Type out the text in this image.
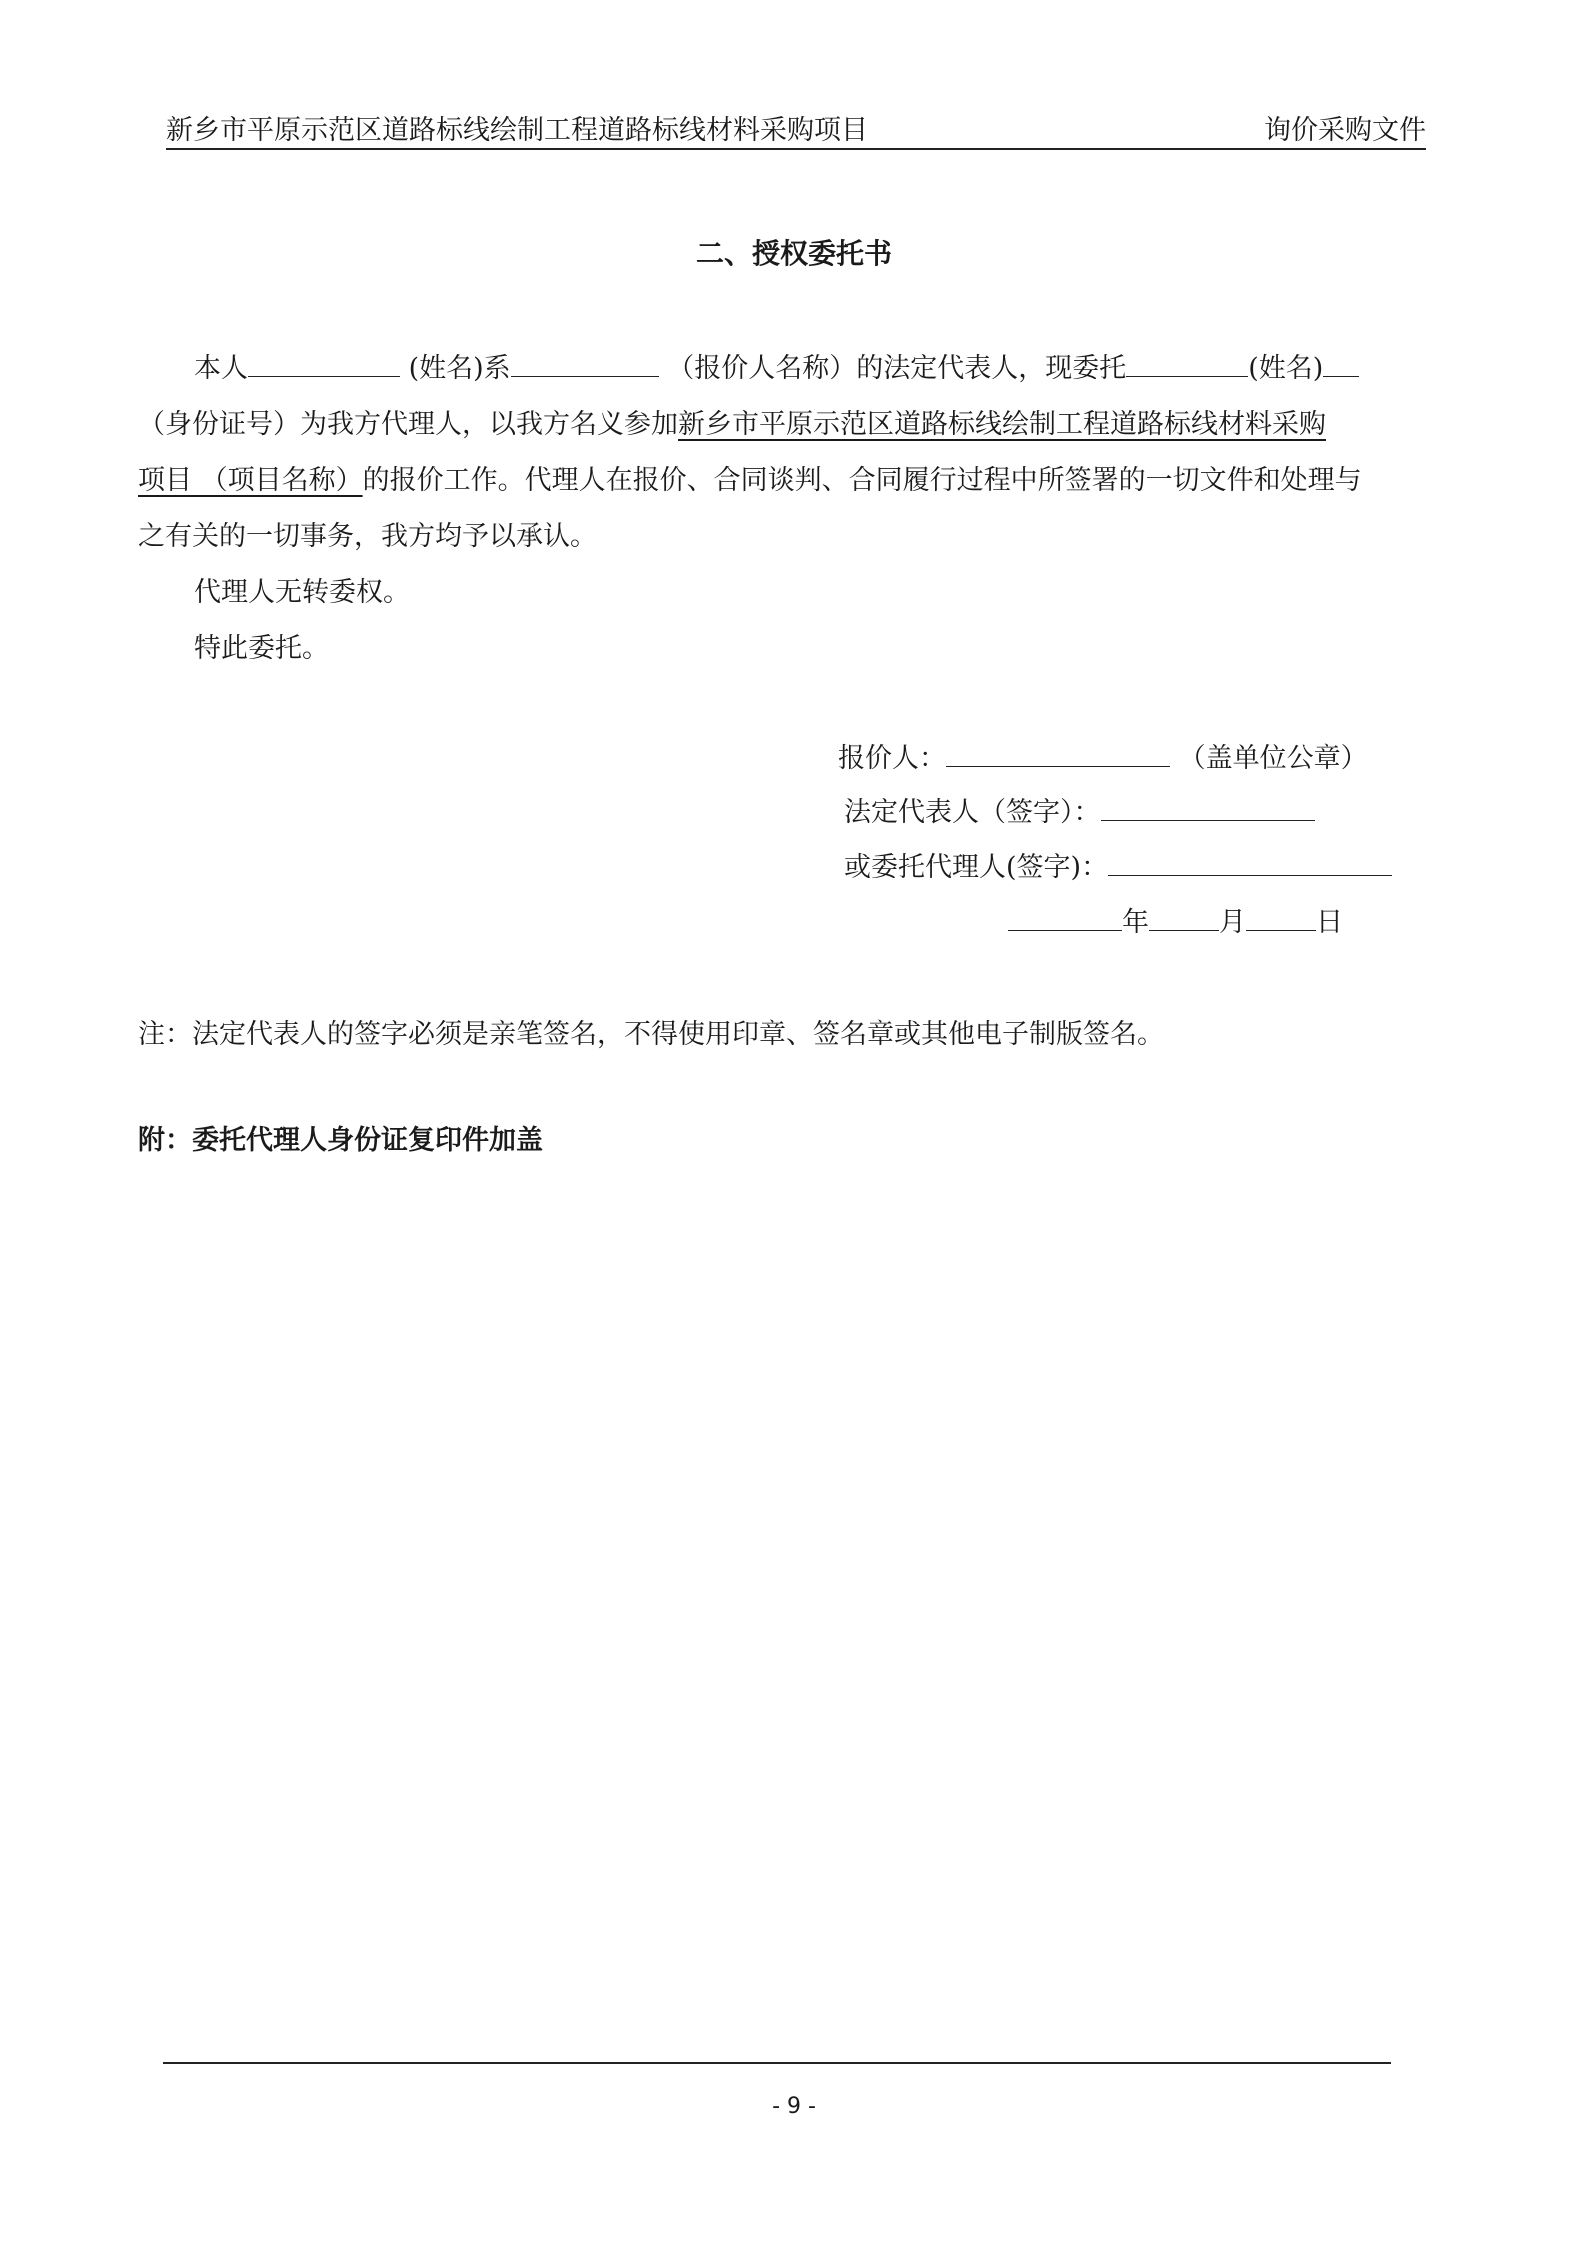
新乡市平原示范区道路标线绘制工程道路标线材料采购项目	询价采购文件
二、授权委托书
本人	(姓名)系	（报价人名称）的法定代表人，现委托	(姓名)
（身份证号）为我方代理人，以我方名义参加新乡市平原示范区道路标线绘制工程道路标线材料采购
项目 （项目名称）的报价工作。代理人在报价、合同谈判、合同履行过程中所签署的一切文件和处理与
之有关的一切事务，我方均予以承认。
代理人无转委权。
特此委托。
报价人：	（盖单位公章）
法定代表人（签字）：
或委托代理人(签字)：
年	月	日
注：法定代表人的签字必须是亲笔签名，不得使用印章、签名章或其他电子制版签名。
附：委托代理人身份证复印件加盖
- 9 -
